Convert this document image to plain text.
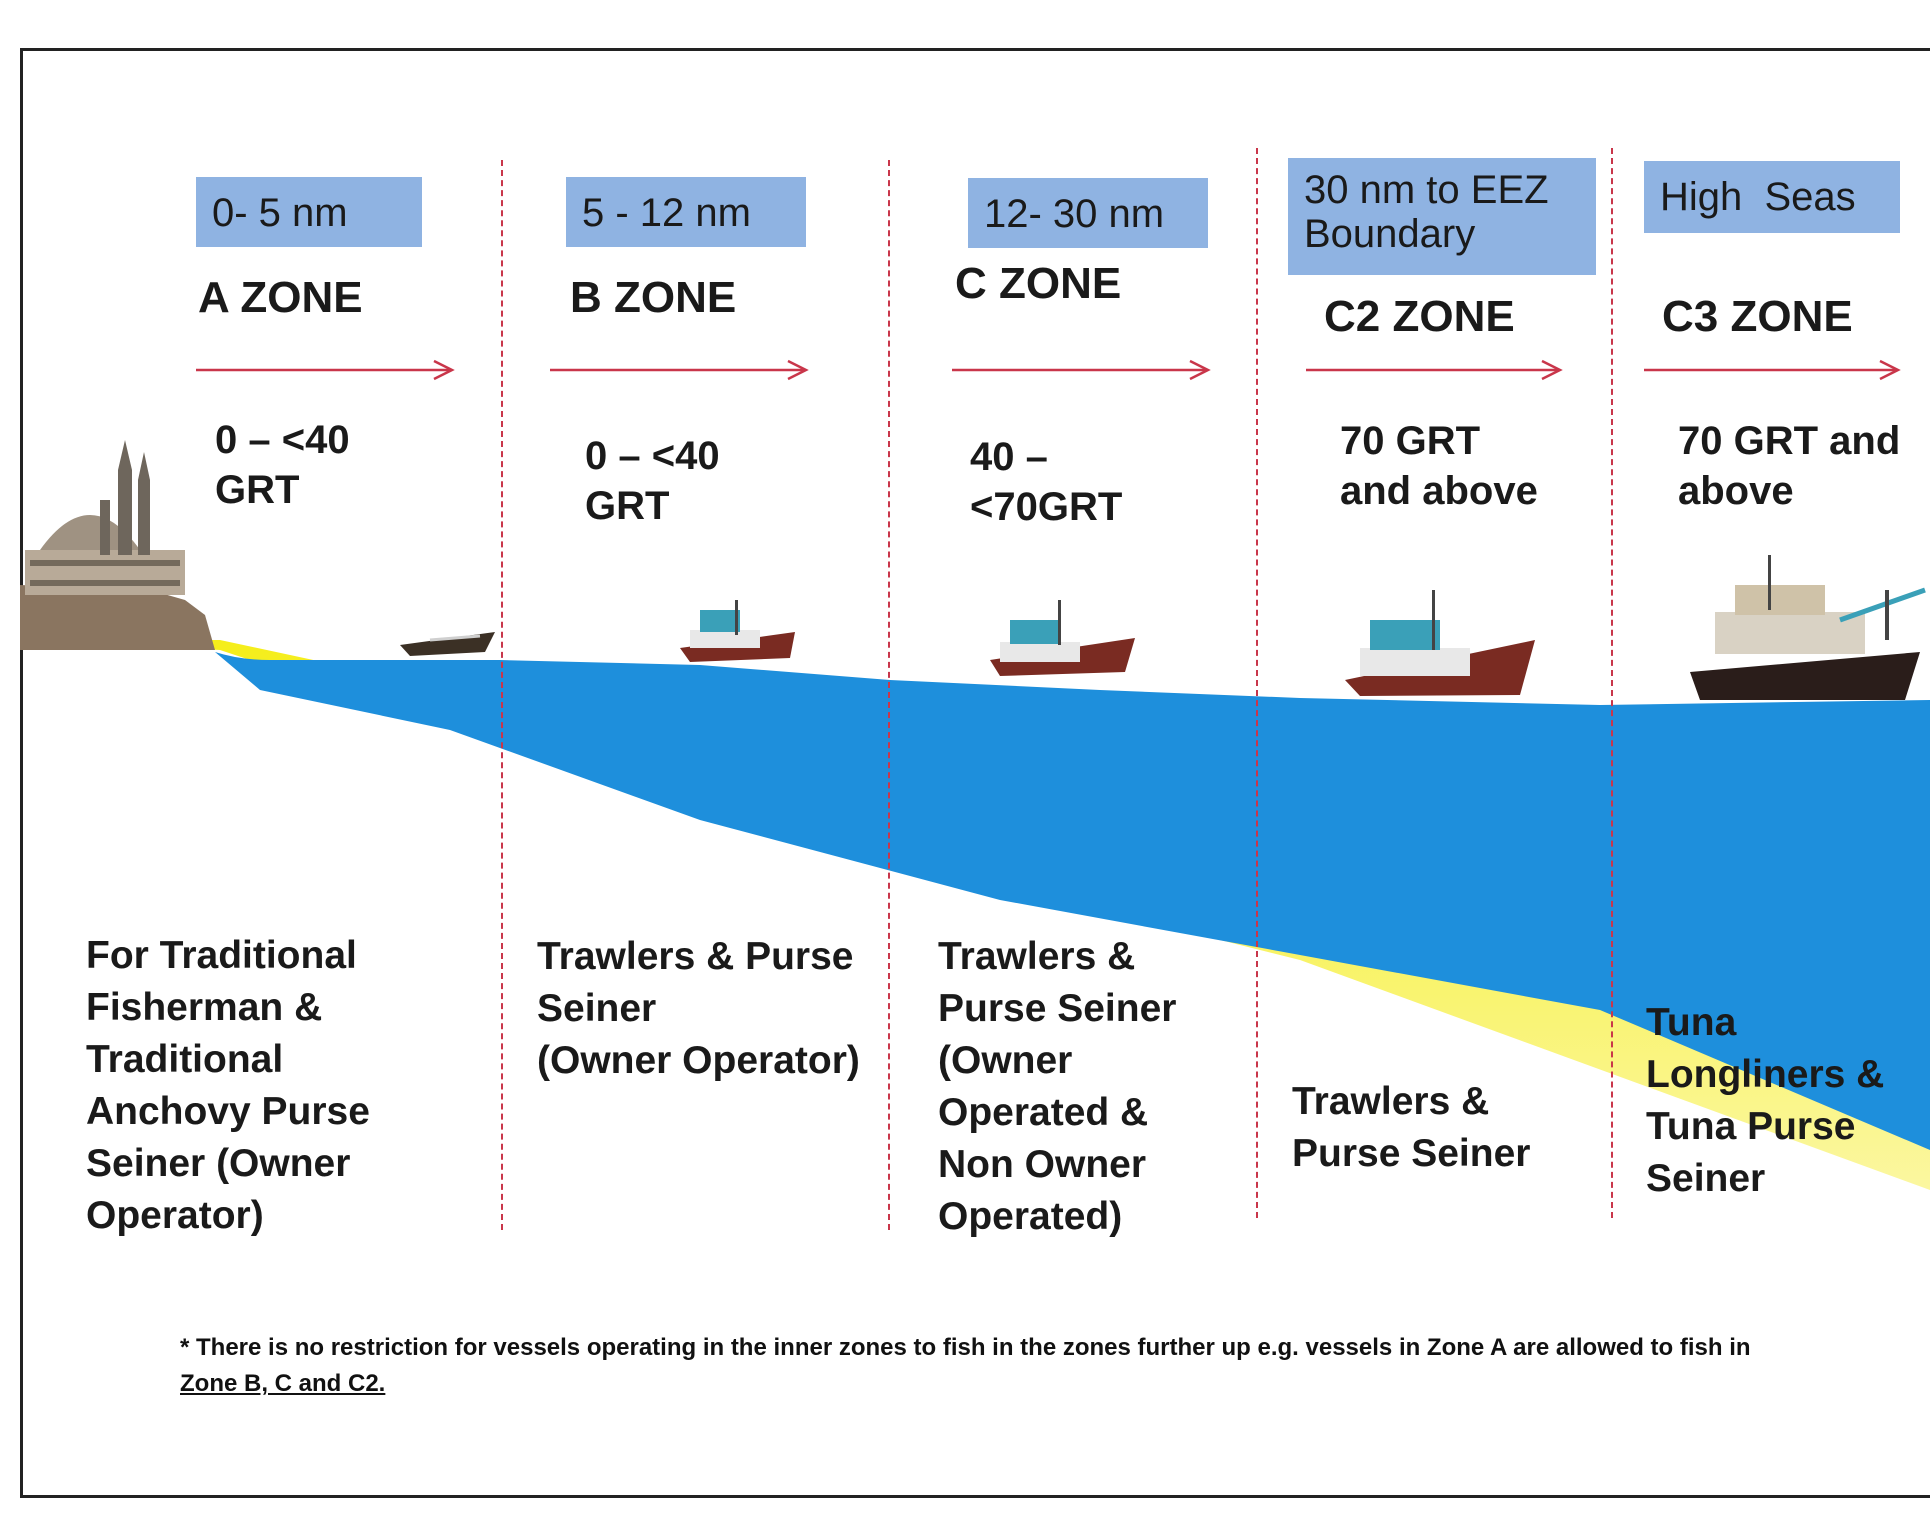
0- 5 nm
A ZONE
0 – <40
GRT
For Traditional
Fisherman &
Traditional
Anchovy Purse
Seiner (Owner
Operator)
5 - 12 nm
B ZONE
0 – <40
GRT
Trawlers & Purse
Seiner
(Owner Operator)
12- 30 nm
C ZONE
40 –
<70GRT
Trawlers &
Purse Seiner
(Owner
Operated &
Non Owner
Operated)
30 nm to EEZ
Boundary
C2 ZONE
70 GRT
and above
Trawlers &
Purse Seiner
High  Seas
C3 ZONE
70 GRT and
above
Tuna
Longliners &
Tuna Purse
Seiner
* There is no restriction for vessels operating in the inner zones to fish in the zones further up e.g. vessels in Zone A are allowed to fish in
Zone B, C and C2.
